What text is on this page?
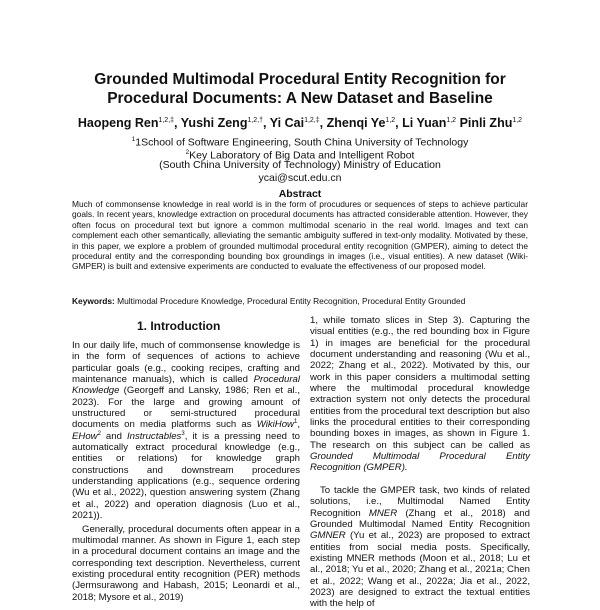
Grounded Multimodal Procedural Entity Recognition for
Procedural Documents: A New Dataset and Baseline
Haopeng Ren$^{1,2,\ddagger}$, Yushi Zeng$^{1,2,\dagger}$, Yi Cai$^{1,2,\ddagger}$, Zhenqi Ye$^{1,2}$, Li Yuan$^{1,2}$ Pinli Zhu$^{1,2}$
$^1$1School of Software Engineering, South China University of Technology
$^2$Key Laboratory of Big Data and Intelligent Robot
(South China University of Technology) Ministry of Education
ycai@scut.edu.cn
Abstract
Much of commonsense knowledge in real world is in the form of procudures or sequences of steps to achieve particular goals. In recent years, knowledge extraction on procedural documents has attracted considerable attention. However, they often focus on procedural text but ignore a common multimodal scenario in the real world. Images and text can complement each other semantically, alleviating the semantic ambiguity suffered in text-only modality. Motivated by these, in this paper, we explore a problem of grounded multimodal procedural entity recognition (GMPER), aiming to detect the procedural entity and the corresponding bounding box groundings in images (i.e., visual entities). A new dataset (Wiki-GMPER) is built and extensive experiments are conducted to evaluate the effectiveness of our proposed model.
Keywords: Multimodal Procedure Knowledge, Procedural Entity Recognition, Procedural Entity Grounded
1. Introduction

In our daily life, much of commonsense knowledge is in the form of sequences of actions to achieve particular goals (e.g., cooking recipes, crafting and maintenance manuals), which is called Procedural Knowledge (Georgeff and Lansky, 1986; Ren et al., 2023). For the large and growing amount of unstructured or semi-structured procedural documents on media platforms such as WikiHow$^1$, EHow$^2$ and Instructables$^3$, it is a pressing need to automatically extract procedural knowledge (e.g., entities or relations) for knowledge graph constructions and downstream procedures understanding applications (e.g., sequence ordering (Wu et al., 2022), question answering system (Zhang et al., 2022) and operation diagnosis (Luo et al., 2021)).

Generally, procedural documents often appear in a multimodal manner. As shown in Figure 1, each step in a procedural document contains an image and the corresponding text description. Nevertheless, current existing procedural entity recognition (PER) methods (Jermsurawong and Habash, 2015; Leonardi et al., 2018; Mysore et al., 2019)

1, while tomato slices in Step 3). Capturing the visual entities (e.g., the red bounding box in Figure 1) in images are beneficial for the procedural document understanding and reasoning (Wu et al., 2022; Zhang et al., 2022). Motivated by this, our work in this paper considers a multimodal setting where the multimodal procedural knowledge extraction system not only detects the procedural entities from the procedural text description but also links the procedural entities to their corresponding bounding boxes in images, as shown in Figure 1. The research on this subject can be called as Grounded Multimodal Procedural Entity Recognition (GMPER).

To tackle the GMPER task, two kinds of related solutions, i.e., Multimodal Named Entity Recognition MNER (Zhang et al., 2018) and Grounded Multimodal Named Entity Recognition GMNER (Yu et al., 2023) are proposed to extract entities from social media posts. Specifically, existing MNER methods (Moon et al., 2018; Lu et al., 2018; Yu et al., 2020; Zhang et al., 2021a; Chen et al., 2022; Wang et al., 2022a; Jia et al., 2022, 2023) are designed to extract the textual entities with the help of
